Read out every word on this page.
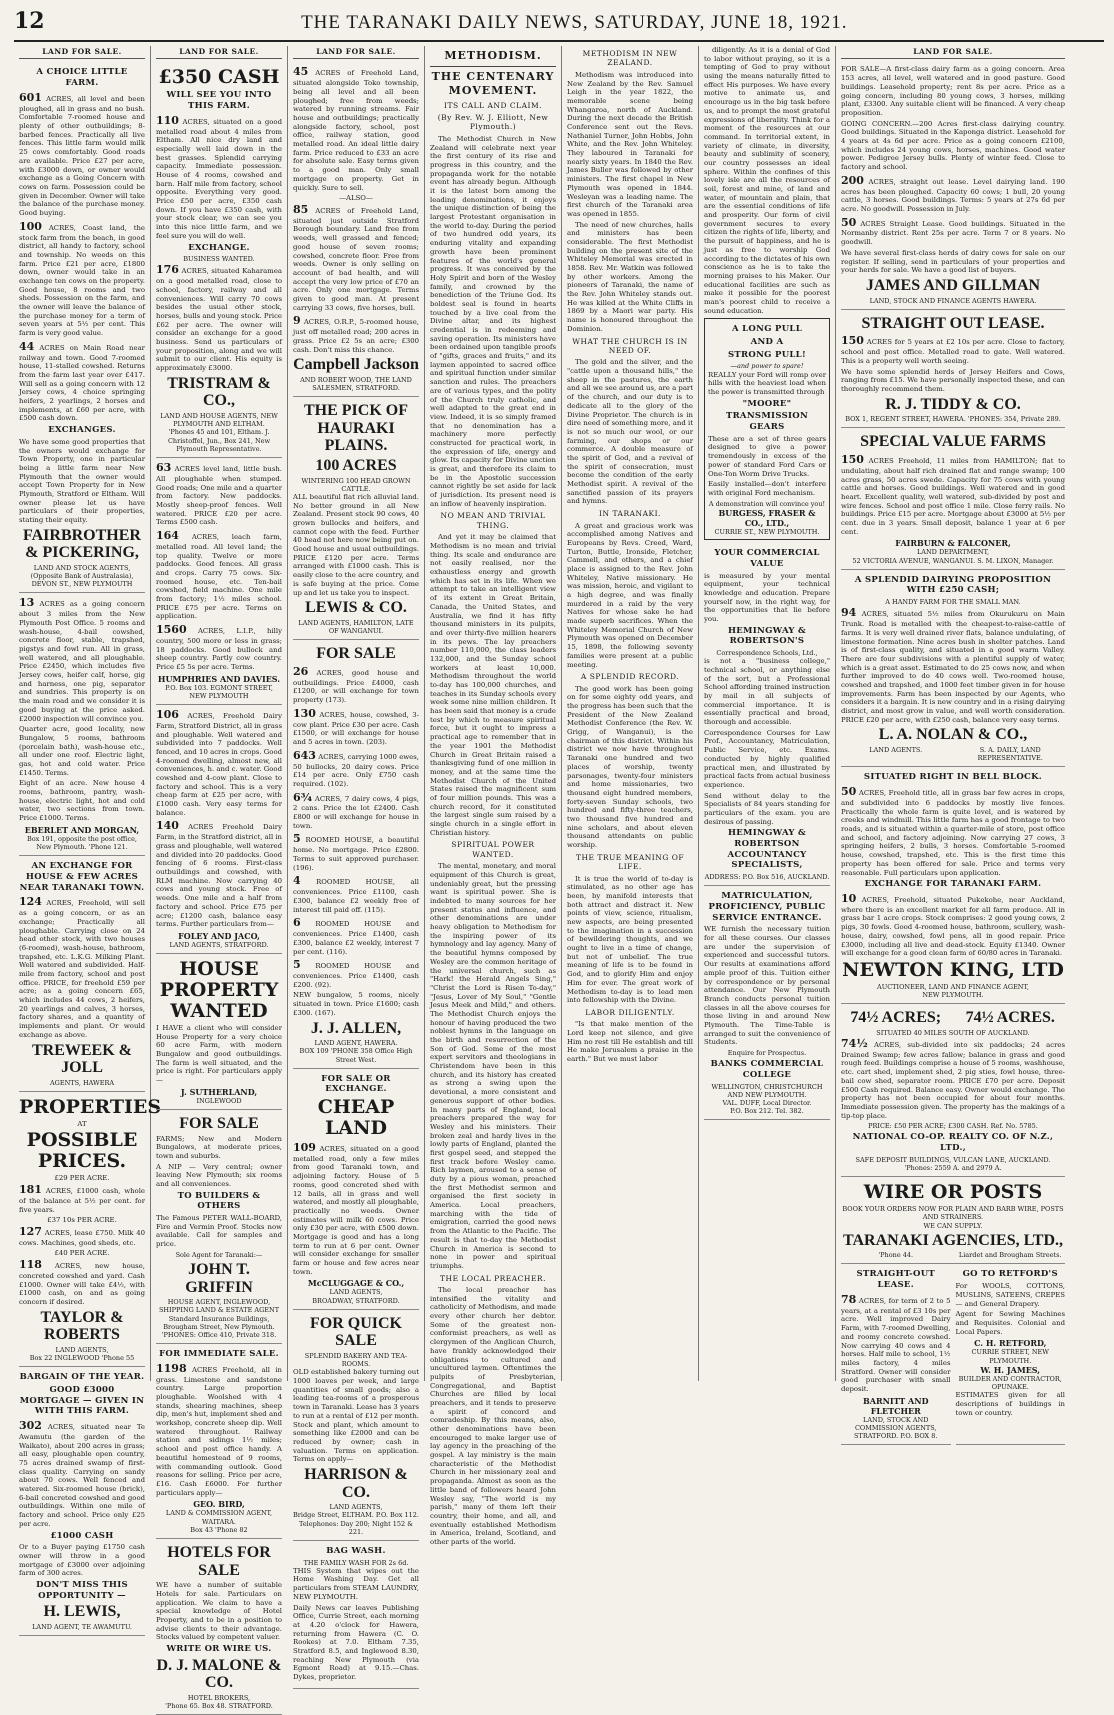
12	THE TARANAKI DAILY NEWS, SATURDAY, JUNE 18, 1921.
LAND FOR SALE.
A CHOICE LITTLE FARM.

601 ACRES, all level and been ploughed, all in grass and no bush. Comfortable 7-roomed house and plenty of other outbuildings; 8-barbed fences. Practically all live fences. This little farm would milk 25 cows comfortably. Good roads are available. Price £27 per acre, with £3000 down, or owner would exchange as a Going Concern with cows on farm. Possession could be given in December. Owner will take the balance of the purchase money. Good buying.

100 ACRES, Coast land, the stock farm from the beach, in good district, all handy to factory, school and township. No weeds on this farm. Price £21 per acre, £1800 down, owner would take in an exchange ten cows on the property. Good house, 8 rooms and two sheds. Possession on the farm, and the owner will leave the balance of the purchase money for a term of seven years at 5½ per cent. This farm is very good value.

44 ACRES on Main Road near railway and town. Good 7-roomed house, 11-stalled cowshed. Returns from the farm last year over £417. Will sell as a going concern with 12 Jersey cows, 4 choice springing heifers, 2 yearlings, 2 horses and implements, at £60 per acre, with £500 cash down.

EXCHANGES.

We have some good properties that the owners would exchange for Town Property, one in particular being a little farm near New Plymouth that the owner would accept Town Property for in New Plymouth, Stratford or Eltham. Will owner please let us have particulars of their properties, stating their equity.

FAIRBROTHER & PICKERING,
LAND AND STOCK AGENTS,
(Opposite Bank of Australasia), DEVON ST., NEW PLYMOUTH

13 ACRES as a going concern about 3 miles from the New Plymouth Post Office. 5 rooms and wash-house, 4-bail cowshed, concrete floor, stable, trapshed, pigstys and fowl run. All in grass, well watered, and all ploughable. Price £2450, which includes five Jersey cows, heifer calf, horse, gig and harness, one pig, separator and sundries. This property is on the main road and we consider it is good buying at the price asked. £2000 inspection will convince you.

Quarter acre, good locality, new Bungalow, 5 rooms, bathroom (porcelain bath), wash-house etc., all under one roof. Electric light, gas, hot and cold water. Price £1450. Terms.

Eight of an acre. New house 4 rooms, bathroom, pantry, wash-house, electric light, hot and cold water, two sections from town. Price £1000. Terms.

EBERLET AND MORGAN,
Box 191, opposite the post office, New Plymouth. 'Phone 121.
AN EXCHANGE FOR HOUSE & FEW ACRES NEAR TARANAKI TOWN.

124 ACRES, Freehold, will sell as a going concern, or as an exchange; Practically all ploughable. Carrying close on 24 head other stock, with two houses (6-roomed), wash-house, bathroom, trapshed, etc. L.K.G. Milking Plant. Well watered and subdivided. Half-mile from factory, school and post office. PRICE, for freehold £59 per acre; as a going concern £65, which includes 44 cows, 2 heifers, 20 yearlings and calves, 3 horses, factory shares, and a quantity of implements and plant. Or would exchange as above.

TREWEEK & JOLL
AGENTS, HAWERA
PROPERTIES
AT
POSSIBLE PRICES.
£29 PER ACRE.

181 ACRES, £1000 cash, whole of the balance at 5½ per cent. for five years.

£37 10s PER ACRE.

127 ACRES, lease £750. Milk 40 cows. Machines, good sheds, etc.

£40 PER ACRE.

118 ACRES, new house, concreted cowshed and yard. Cash £1000. Owner will take £4½, with £1000 cash, on and as going concern if desired.

TAYLOR & ROBERTS
LAND AGENTS,
Box 22 INGLEWOOD 'Phone 55
BARGAIN OF THE YEAR.
GOOD £3000 MORTGAGE — GIVEN IN WITH THIS FARM.

302 ACRES, situated near Te Awamutu (the garden of the Waikato), about 200 acres in grass; all easy, ploughable open country, 75 acres drained swamp of first-class quality. Carrying on sandy about 70 cows. Well fenced and watered. Six-roomed house (brick), 6-bail concreted cowshed and good outbuildings. Within one mile of factory and school. Price only £25 per acre.

£1000 CASH

Or to a Buyer paying £1750 cash owner will throw in a good mortgage of £3000 over adjoining farm of 300 acres.

DON'T MISS THIS OPPORTUNITY —
H. LEWIS,
LAND AGENT, TE AWAMUTU.
LAND FOR SALE.
£350 CASH
WILL SEE YOU INTO THIS FARM.

110 ACRES, situated on a good metalled road about 4 miles from Eltham. All nice dry land and especially well laid down in the best grasses. Splendid carrying capacity. Immediate possession. House of 4 rooms, cowshed and barn. Half mile from factory, school opposite. Everything very good. Price £50 per acre, £350 cash down. If you have £350 cash, with your stock clear, we can see you into this nice little farm, and we feel sure you will do well.

EXCHANGE.
BUSINESS WANTED.

176 ACRES, situated Kaharamea on a good metalled road, close to school, factory, railway and all conveniences. Will carry 70 cows besides the usual other stock, horses, bulls and young stock. Price £62 per acre. The owner will consider an exchange for a good business. Send us particulars of your proposition, along and we will submit to our client. His equity is approximately £3000.

TRISTRAM & CO.,
LAND AND HOUSE AGENTS, NEW PLYMOUTH AND ELTHAM.
'Phones 45 and 101, Eltham. J. Christoffel, Jun., Box 241, New Plymouth Representative.

63 ACRES level land, little bush. All ploughable when stumped. Good roads; One mile and a quarter from factory. New paddocks. Mostly sheep-proof fences. Well watered. PRICE £20 per acre. Terms £500 cash.

164 ACRES, leach farm, metalled road. All level land; the top quality. Twelve or more paddocks. Good fences. All grass and crops. Carry 75 cows. Six-roomed house, etc. Ten-bail cowshed, field machine. One mile from factory; 1½ miles school. PRICE £75 per acre. Terms on application.

1560 ACRES, L.I.P., hilly country, 500 more or less in grass; 18 paddocks. Good bullock and sheep country. Partly cow country. Price £5 5s per acre. Terms.

HUMPHRIES AND DAVIES.
P.O. Box 103. EGMONT STREET, NEW PLYMOUTH

106 ACRES, Freehold Dairy Farm, Stratford District, all in grass and ploughable. Well watered and subdivided into 7 paddocks. Well fenced, and 10 acres in crops. Good 4-roomed dwelling, almost new, all conveniences, h. and c. water. Good cowshed and 4-cow plant. Close to factory and school. This is a very cheap farm at £25 per acre, with £1000 cash. Very easy terms for balance.

140 ACRES Freehold Dairy Farm, in the Stratford district, all in grass and ploughable, well watered and divided into 20 paddocks. Good fencing of 6 rooms. First-class outbuildings and cowshed, with RLM machine. Now carrying 40 cows and young stock. Free of weeds. One mile and a half from factory and school. Price £75 per acre; £1200 cash, balance easy terms. Further particulars from—

FOLEY AND JACO,
LAND AGENTS, STRATFORD.
HOUSE PROPERTY WANTED

I HAVE a client who will consider House Property for a very choice 60 acre Farm, with modern Bungalow and good outbuildings. The farm is well situated, and the price is right. For particulars apply—

J. SUTHERLAND,
INGLEWOOD
FOR SALE

FARMS; New and Modern Bungalows, at moderate prices, town and suburbs.

A NIP — Very central; owner leaving New Plymouth; six rooms and all conveniences.

TO BUILDERS & OTHERS

The Famous PETER WALL-BOARD, Fire and Vermin Proof. Stocks now available. Call for samples and price.

Sole Agent for Taranaki:—
JOHN T. GRIFFIN
HOUSE AGENT, INGLEWOOD, SHIPPING LAND & ESTATE AGENT
Standard Insurance Buildings, Brougham Street, New Plymouth. 'PHONES: Office 410, Private 318.
FOR IMMEDIATE SALE.

1198 ACRES Freehold, all in grass. Limestone and sandstone country. Large proportion ploughable. Woolshed with 4 stands, shearing machines, sheep dip, men's hut, implement shed and workshop, concrete sheep dip. Well watered throughout. Railway station and sidings 1½ miles; school and post office handy. A beautiful homestead of 9 rooms, with commanding outlook. Good reasons for selling. Price per acre, £16. Cash £6000. For further particulars apply—

GEO. BIRD,
LAND & COMMISSION AGENT, WAITARA.
Box 43 'Phone 82
HOTELS FOR SALE

WE have a number of suitable Hotels for sale. Particulars on application. We claim to have a special knowledge of Hotel Property, and to be in a position to advise clients to their advantage. Stocks valued by competent valuer.

WRITE OR WIRE US.
D. J. MALONE & CO.
HOTEL BROKERS,
'Phone 65. Box 48. STRATFORD.
LAND FOR SALE.

45 ACRES of Freehold Land, situated alongside Toko township, being all level and all been ploughed; free from weeds; watered by running streams. Fair house and outbuildings; practically alongside factory, school, post office, railway station, good metalled road. An ideal little dairy farm. Price reduced to £33 an acre for absolute sale. Easy terms given to a good man. Only small mortgage on property. Get in quickly. Sure to sell.

—ALSO—

85 ACRES of Freehold Land, situated just outside Stratford Borough boundary. Land free from weeds, well grassed and fenced; good house of seven rooms; cowshed, concrete floor. Free from weeds. Owner is only selling on account of bad health, and will accept the very low price of £70 an acre. Only one mortgage. Terms given to good man. At present carrying 33 cows, five horses, bull.

9 ACRES, O.R.P., 5-roomed house, just off metalled road; 200 acres in grass. Price £2 5s an acre; £300 cash. Don't miss this chance.

Campbell Jackson
AND ROBERT WOOD, THE LAND SALESMEN, STRATFORD.
THE PICK OF HAURAKI PLAINS.
100 ACRES
WINTERING 100 HEAD GROWN CATTLE.

ALL beautiful flat rich alluvial land. No better ground in all New Zealand. Present stock 90 cows, 40 grown bullocks and heifers, and cannot cope with the feed. Further 40 head not here now being put on. Good house and usual outbuildings. PRICE £120 per acre. Terms arranged with £1000 cash. This is easily close to the acre country, and is safe buying at the price. Come up and let us take you to inspect.

LEWIS & CO.
LAND AGENTS, HAMILTON, LATE OF WANGANUI.
FOR SALE

26 ACRES, good house and outbuildings. Price £4000, cash £1200, or will exchange for town property (173).

130 ACRES, house, cowshed, 3-cow plant. Price £30 per acre. Cash £1500, or will exchange for house and 5 acres in town. (203).

643 ACRES, carrying 1000 ewes, 50 bullocks, 20 dairy cows. Price £14 per acre. Only £750 cash required. (102).

6¾ ACRES, 7 dairy cows, 4 pigs, 2 cans. Price the lot £2400. Cash £800 or will exchange for house in town.

5 ROOMED HOUSE, a beautiful home. No mortgage. Price £2800. Terms to suit approved purchaser. (196).

4 ROOMED HOUSE, all conveniences. Price £1100, cash £300, balance £2 weekly free of interest till paid off. (115).

6 ROOMED HOUSE and conveniences. Price £1400, cash £300, balance £2 weekly, interest 7 per cent. (116).

5 ROOMED HOUSE and conveniences. Price £1400, cash £200. (92).

NEW bungalow, 5 rooms, nicely situated in town. Price £1600; cash £300. (167).

J. J. ALLEN,
LAND AGENT, HAWERA.
BOX 109 'PHONE 358 Office High Street West.
FOR SALE OR EXCHANGE.
CHEAP LAND

109 ACRES, situated on a good metalled road, only a few miles from good Taranaki town, and adjoining factory. House of 5 rooms, good concreted shed with 12 bails, all in grass and well watered, and mostly all ploughable, practically no weeds. Owner estimates will milk 60 cows. Price only £30 per acre, with £500 down. Mortgage is good and has a long term to run at 6 per cent. Owner will consider exchange for smaller farm or house and few acres near town.

McCLUGGAGE & CO.,
LAND AGENTS,
BROADWAY, STRATFORD.
FOR QUICK SALE
SPLENDID BAKERY AND TEA-ROOMS.

OLD established bakery turning out 1000 loaves per week, and large quantities of small goods; also a leading tea-rooms of a prosperous town in Taranaki. Lease has 3 years to run at a rental of £12 per month. Stock and plant, which amount to something like £2000 and can be reduced by owner; cash in valuation. Terms on application. Terms on apply—

HARRISON & CO.
LAND AGENTS,
Bridge Street, ELTHAM. P.O. Box 112. Telephones: Day 200; Night 152 & 221.
BAG WASH.
THE FAMILY WASH FOR 2s 6d.

THIS System that wipes out the Home Washing Day. Get all particulars from STEAM LAUNDRY, NEW PLYMOUTH.

Daily News car leaves Publishing Office, Currie Street, each morning at 4.20 o'clock for Hawera, returning from Hawera (C. O. Rookes) at 7.0. Eltham 7.35, Stratford 8.5, and Inglewood 8.30, reaching New Plymouth (via Egmont Road) at 9.15.—Chas. Dykes, proprietor.

METHODISM.
THE CENTENARY MOVEMENT.
ITS CALL AND CLAIM.
(By Rev. W. J. Elliott, New Plymouth.)

The Methodist Church in New Zealand will celebrate next year the first century of its rise and progress in this country, and the propaganda work for the notable event has already begun. Although it is the latest born among the leading denominations, it enjoys the unique distinction of being the largest Protestant organisation in the world to-day. During the period of two hundred odd years, its enduring vitality and expanding growth have been prominent features of the world's general progress. It was conceived by the Holy Spirit and born of the Wesley family, and crowned by the benediction of the Triune God. Its boldest seal is found in hearts touched by a live coal from the Divine altar, and its highest credential is in redeeming and saving operation. Its ministers have been ordained upon tangible proofs of "gifts, graces and fruits," and its laymen appointed to sacred office and spiritual function under similar sanction and rules. The preachers are of various types, and the polity of the Church truly catholic, and well adapted to the great end in view. Indeed, it is so simply framed that no denomination has a machinery more perfectly constructed for practical work, in the expression of life, energy and glow. Its capacity for Divine unction is great, and therefore its claim to be in the Apostolic succession cannot rightly be set aside for lack of jurisdiction. Its present need is an inflow of heavenly inspiration.

NO MEAN AND TRIVIAL THING.

And yet it may be claimed that Methodism is no mean and trivial thing. Its scale and endurance are not easily realised, nor the exhaustless energy and growth which has set in its life. When we attempt to take an intelligent view of its extent in Great Britain, Canada, the United States, and Australia, we find it has fifty thousand ministers in its pulpits, and over thirty-five million hearers in its pews. The lay preachers number 110,000, the class leaders 132,000, and the Sunday school workers at least 10,000. Methodism throughout the world to-day has 100,000 churches, and teaches in its Sunday schools every week some nine million children. It has been said that money is a crude test by which to measure spiritual force, but it ought to impress a practical age to remember that in the year 1901 the Methodist Church in Great Britain raised a thanksgiving fund of one million in money, and at the same time the Methodist Church of the United States raised the magnificent sum of four million pounds. This was a church record, for it constituted the largest single sum raised by a single church in a single effort in Christian history.

SPIRITUAL POWER WANTED.

The mental, monetary, and moral equipment of this Church is great, undeniably great, but the pressing want is spiritual power. She is indebted to many sources for her present status and influence, and other denominations are under heavy obligation to Methodism for the inspiring power of its hymnology and lay agency. Many of the beautiful hymns composed by Wesley are the common heritage of the universal church, such as "Hark! the Herald Angels Sing," "Christ the Lord is Risen To-day," "Jesus, Lover of My Soul," "Gentle Jesus Meek and Mild," and others. The Methodist Church enjoys the honour of having produced the two noblest hymns in the language on the birth and resurrection of the Son of God. Some of the most expert servitors and theologians in Christendom have been in this church, and its history has created as strong a swing upon the devotional, a more consistent and generous support of other bodies. In many parts of England, local preachers prepared the way for Wesley and his ministers. Their broken zeal and hardy lives in the lowly parts of England, planted the first gospel seed, and stepped the first track before Wesley came. Rich laymen, aroused to a sense of duty by a pious woman, preached the first Methodist sermon and organised the first society in America. Local preachers, marching with the tide of emigration, carried the good news from the Atlantic to the Pacific. The result is that to-day the Methodist Church in America is second to none in power and spiritual triumphs.

THE LOCAL PREACHER.

The local preacher has intensified the vitality and catholicity of Methodism, and made every other church her debtor. Some of the greatest non-conformist preachers, as well as clergymen of the Anglican Church, have frankly acknowledged their obligations to cultured and uncultured laymen. Oftentimes the pulpits of Presbyterian, Congregational, and Baptist Churches are filled by local preachers, and it tends to preserve a spirit of concord and comradeship. By this means, also, other denominations have been encouraged to make larger use of lay agency in the preaching of the gospel. A lay ministry is the main characteristic of the Methodist Church in her missionary zeal and propaganda. Almost as soon as the little band of followers heard John Wesley say, "The world is my parish," many of them left their country, their home, and all, and eventually established Methodism in America, Ireland, Scotland, and other parts of the world.

METHODISM IN NEW ZEALAND.

Methodism was introduced into New Zealand by the Rev. Samuel Leigh in the year 1822, the memorable scene being Whangaroa, north of Auckland. During the next decade the British Conference sent out the Revs. Nathaniel Turner, John Hobbs, John White, and the Rev. John Whiteley. They laboured in Taranaki for nearly sixty years. In 1840 the Rev. James Buller was followed by other ministers. The first chapel in New Plymouth was opened in 1844. Wesleyan was a leading name. The first church of the Taranaki area was opened in 1855.

The need of new churches, halls and ministers has been considerable. The first Methodist building on the present site of the Whiteley Memorial was erected in 1858. Rev. Mr. Watkin was followed by other workers. Among the pioneers of Taranaki, the name of the Rev. John Whiteley stands out. He was killed at the White Cliffs in 1869 by a Maori war party. His name is honoured throughout the Dominion.

WHAT THE CHURCH IS IN NEED OF.

The gold and the silver, and the "cattle upon a thousand hills," the sheep in the pastures, the earth and all we see around us, are a part of the church, and our duty is to dedicate all to the glory of the Divine Proprietor. The church is in dire need of something more, and it is not so much our wool, or our farming, our shops or our commerce. A double measure of the spirit of God, and a revival of the spirit of consecration, must become the condition of the early Methodist spirit. A revival of the sanctified passion of its prayers and hymns.

IN TARANAKI.

A great and gracious work was accomplished among Natives and Europeans by Revs. Creed, Ward, Turton, Buttle, Ironside, Fletcher, Cammell, and others, and a chief place is assigned to the Rev. John Whiteley, Native missionary. He was mission, heroic, and vigilant to a high degree, and was finally murdered in a raid by the very Natives for whose sake he had made superb sacrifices. When the Whiteley Memorial Church of New Plymouth was opened on December 15, 1898, the following seventy families were present at a public meeting.

A SPLENDID RECORD.

The good work has been going on for some eighty odd years, and the progress has been such that the President of the New Zealand Methodist Conference (the Rev. W. Grigg, of Wanganui), is the chairman of this district. Within his district we now have throughout Taranaki one hundred and two places of worship, twenty parsonages, twenty-four ministers and home missionaries, two thousand eight hundred members, forty-seven Sunday schools, two hundred and fifty-three teachers, two thousand five hundred and nine scholars, and about eleven thousand attendants on public worship.

THE TRUE MEANING OF LIFE.

It is true the world of to-day is stimulated, as no other age has been, by manifold interests that both attract and distract it. New points of view, science, ritualism, new aspects, are being presented to the imagination in a succession of bewildering thoughts, and we ought to live in a time of change, but not of unbelief. The true meaning of life is to be found in God, and to glorify Him and enjoy Him for ever. The great work of Methodism to-day is to lead men into fellowship with the Divine.

LABOR DILIGENTLY.

"Is that make mention of the Lord keep not silence, and give Him no rest till He establish and till He make Jerusalem a praise in the earth." But we must labor

diligently. As it is a denial of God to labor without praying, so it is a tempting of God to pray without using the means naturally fitted to effect His purposes. We have every motive to animate us, and encourage us in the big task before us, and to prompt the most grateful expressions of liberality. Think for a moment of the resources at our command. In territorial extent, in variety of climate, in diversity, beauty and sublimity of scenery, our country possesses an ideal sphere. Within the confines of this lovely isle are all the resources of soil, forest and mine, of land and water, of mountain and plain, that are the essential conditions of life and prosperity. Our form of civil government secures to every citizen the rights of life, liberty, and the pursuit of happiness, and he is just as free to worship God according to the dictates of his own conscience as he is to take the morning praises to his Maker. Our educational facilities are such as make it possible for the poorest man's poorest child to receive a sound education.

A LONG PULL
AND A
STRONG PULL!
—and power to spare!

REALLY your Ford will romp over hills with the heaviest load when the power is transmitted through

"MOORE"
TRANSMISSION GEARS

These are a set of three gears designed to give a power tremendously in excess of the power of standard Ford Cars or One-Ton Worm Drive Trucks.

Easily installed—don't interfere with original Ford mechanism.

A demonstration will convince you!
BURGESS, FRASER & CO., LTD.,
CURRIE ST., NEW PLYMOUTH.
YOUR COMMERCIAL VALUE

is measured by your mental equipment, your technical knowledge and education. Prepare yourself now, in the right way, for the opportunities that lie before you.

HEMINGWAY & ROBERTSON'S
Correspondence Schools, Ltd.,

is not a "business college," technical school, or anything else of the sort, but a Professional School affording trained instruction by mail in all subjects of commercial importance. It is essentially practical and broad, thorough and accessible.

Correspondence Courses for Law Prof., Accountancy, Matriculation, Public Service, etc. Exams. conducted by highly qualified practical men, and illustrated by practical facts from actual business experience.

Send without delay to the Specialists of 84 years standing for particulars of the exam. you are desirous of passing.

HEMINGWAY & ROBERTSON ACCOUNTANCY SPECIALISTS,
ADDRESS: P.O. Box 516, AUCKLAND.
MATRICULATION, PROFICIENCY, PUBLIC SERVICE ENTRANCE.

WE furnish the necessary tuition for all these courses. Our classes are under the supervision of experienced and successful tutors. Our results at examinations afford ample proof of this. Tuition either by correspondence or by personal attendance. Our New Plymouth Branch conducts personal tuition classes in all the above courses for those living in and around New Plymouth. The Time-Table is arranged to suit the convenience of Students.

Enquire for Prospectus.
BANKS COMMERCIAL COLLEGE
WELLINGTON, CHRISTCHURCH AND NEW PLYMOUTH.
VAL. DUFF, Local Director.
P.O. Box 212. Tel. 382.
LAND FOR SALE.

FOR SALE—A first-class dairy farm as a going concern. Area 153 acres, all level, well watered and in good pasture. Good buildings. Leasehold property; rent 8s per acre. Price as a going concern, including 80 young cows, 3 horses, milking plant, £3300. Any suitable client will be financed. A very cheap proposition.

GOING CONCERN.—200 Acres first-class dairying country. Good buildings. Situated in the Kaponga district. Leasehold for 4 years at 4s 6d per acre. Price as a going concern £2100, which includes 24 young cows, horses, machines. Good water power. Pedigree Jersey bulls. Plenty of winter feed. Close to factory and school.

200 ACRES, straight out lease. Level dairying land. 190 acres has been ploughed. Capacity 60 cows; 1 bull, 20 young cattle, 3 horses. Good buildings. Terms: 5 years at 27s 6d per acre. No goodwill. Possession in July.

50 ACRES Straight Lease. Good buildings. Situated in the Normanby district. Rent 25s per acre. Term 7 or 8 years. No goodwill.

We have several first-class herds of dairy cows for sale on our register. If selling, send in particulars of your properties and your herds for sale. We have a good list of buyers.

JAMES AND GILLMAN
LAND, STOCK AND FINANCE AGENTS HAWERA.
STRAIGHT OUT LEASE.

150 ACRES for 5 years at £2 10s per acre. Close to factory, school and post office. Metalled road to gate. Well watered. This is a property well worth seeing.

We have some splendid herds of Jersey Heifers and Cows, ranging from £15. We have personally inspected these, and can thoroughly recommend them.

R. J. TIDDY & CO.
BOX 1, REGENT STREET, HAWERA. 'PHONES: 354, Private 289.
SPECIAL VALUE FARMS

150 ACRES Freehold, 11 miles from HAMILTON; flat to undulating, about half rich drained flat and range swamp; 100 acres grass, 50 acres swede. Capacity for 75 cows with young cattle and horses. Good buildings. Well watered and in good heart. Excellent quality, well watered, sub-divided by post and wire fences. School and post office 1 mile. Close ferry rails. No buildings. Price £15 per acre. Mortgage about £3000 at 5½ per cent. due in 3 years. Small deposit, balance 1 year at 6 per cent.

FAIRBURN & FALCONER,
LAND DEPARTMENT,
52 VICTORIA AVENUE, WANGANUI. S. M. LIXON, Manager.
A SPLENDID DAIRYING PROPOSITION WITH £250 CASH;
A HANDY FARM FOR THE SMALL MAN.

94 ACRES, situated 5½ miles from Okurukuru on Main Trunk. Road is metalled with the cheapest-to-raise-cattle of farms. It is very well drained river flats, balance undulating, of limestone formation. Nine acres bush in shelter patches. Land is of first-class quality, and situated in a good warm Valley. There are four subdivisions with a plentiful supply of water, which is a great asset. Estimated to do 25 cows now, and when further improved to do 40 cows well. Two-roomed house, cowshed and trapshed, and 1000 feet timber given in for house improvements. Farm has been inspected by our Agents, who considers it a bargain. It is new country and in a rising dairying district, and most grow in value, and well worth consideration. PRICE £20 per acre, with £250 cash, balance very easy terms.

L. A. NOLAN & CO.,
LAND AGENTS.	S. A. DAILY, LAND REPRESENTATIVE.
SITUATED RIGHT IN BELL BLOCK.

50 ACRES, Freehold title, all in grass bar few acres in crops, and subdivided into 6 paddocks by mostly live fences. Practically the whole farm is quite level, and is watered by creeks and windmill. This little farm has a good frontage to two roads, and is situated within a quarter-mile of store, post office and school, and factory adjoining. Now carrying 27 cows, 3 springing heifers, 2 bulls, 3 horses. Comfortable 5-roomed house, cowshed, trapshed, etc. This is the first time this property has been offered for sale. Price and terms very reasonable. Full particulars upon application.

EXCHANGE FOR TARANAKI FARM.

10 ACRES, Freehold, situated Pukekohe, near Auckland, where there is an excellent market for all farm produce. All in grass bar 1 acre crops. Stock comprises: 2 good young cows, 2 pigs, 30 fowls. Good 4-roomed house, bathroom, scullery, wash-house, dairy, cowshed, fowl pens, all in good repair. Price £3000, including all live and dead-stock. Equity £1340. Owner will exchange for a good clean farm of 60/80 acres in Taranaki.

NEWTON KING, LTD
AUCTIONEER, LAND AND FINANCE AGENT,
NEW PLYMOUTH.
74½ ACRES;	74½ ACRES.
SITUATED 40 MILES SOUTH OF AUCKLAND.

74½ ACRES, sub-divided into six paddocks; 24 acres Drained Swamp; few acres fallow; balance in grass and good rough feed. Buildings comprise a house of 5 rooms, washhouse, etc. cart shed, implement shed, 2 pig sties, fowl house, three-bail cow shed, separator room. PRICE £70 per acre. Deposit £500 Cash required. Balance easy. Owner would exchange. The property has not been occupied for about four months. Immediate possession given. The property has the makings of a tip-top place.

PRICE: £50 PER ACRE; £300 CASH. Ref. No. 5785.
NATIONAL CO-OP. REALTY CO. OF N.Z., LTD.,
SAFE DEPOSIT BUILDINGS, VULCAN LANE, AUCKLAND.
'Phones: 2559 A. and 2979 A.
WIRE OR POSTS
BOOK YOUR ORDERS NOW FOR PLAIN AND BARB WIRE, POSTS AND STRAINERS.
WE CAN SUPPLY.
TARANAKI AGENCIES, LTD.,
'Phone 44.	Liardet and Brougham Streets.
STRAIGHT-OUT LEASE.

78 ACRES, for term of 2 to 5 years, at a rental of £3 10s per acre. Well improved Dairy Farm, with 7-roomed Dwelling, and roomy concrete cowshed. Now carrying 40 cows and 4 horses. Half mile to school, 1½ miles factory, 4 miles Stratford. Owner will consider good purchaser with small deposit.

BARNITT AND FLETCHER
LAND, STOCK AND COMMISSION AGENTS,
STRATFORD. P.O. BOX 8.
GO TO RETFORD'S

For WOOLS, COTTONS, MUSLINS, SATEENS, CREPES — and General Drapery.

Agent for Sewing Machines and Requisites. Colonial and Local Papers.

C. H. RETFORD,
CURRIE STREET, NEW PLYMOUTH.
W. H. JAMES,
BUILDER AND CONTRACTOR, OPUNAKE.

ESTIMATES given for all descriptions of buildings in town or country.
